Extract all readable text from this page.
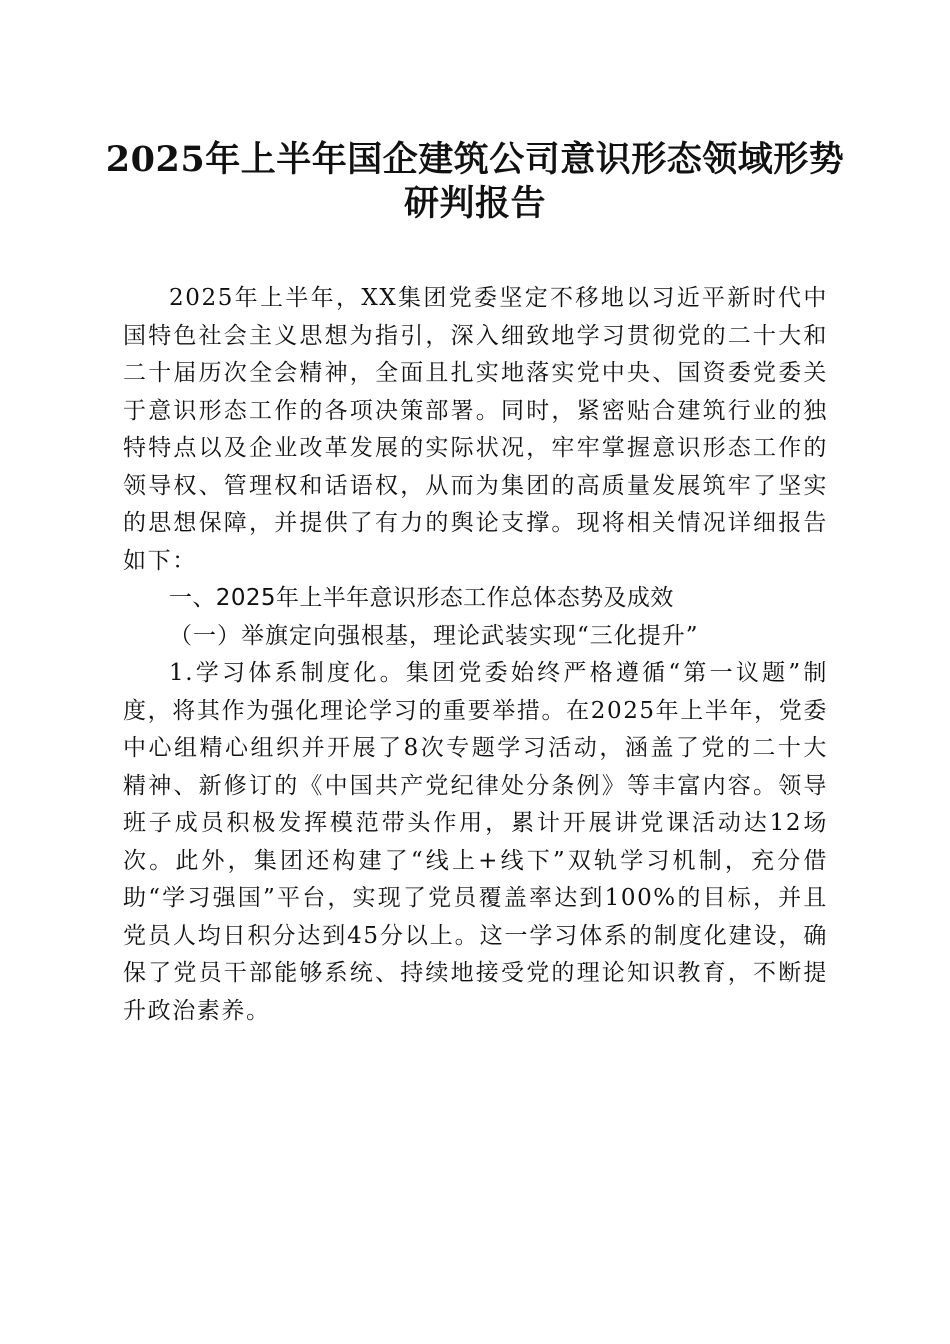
2025年上半年国企建筑公司意识形态领域形势研判报告

2025年上半年，XX集团党委坚定不移地以习近平新时代中国特色社会主义思想为指引，深入细致地学习贯彻党的二十大和二十届历次全会精神，全面且扎实地落实党中央、国资委党委关于意识形态工作的各项决策部署。同时，紧密贴合建筑行业的独特特点以及企业改革发展的实际状况，牢牢掌握意识形态工作的领导权、管理权和话语权，从而为集团的高质量发展筑牢了坚实的思想保障，并提供了有力的舆论支撑。现将相关情况详细报告如下：

一、2025年上半年意识形态工作总体态势及成效

（一）举旗定向强根基，理论武装实现“三化提升”

1.学习体系制度化。集团党委始终严格遵循“第一议题”制度，将其作为强化理论学习的重要举措。在2025年上半年，党委中心组精心组织并开展了8次专题学习活动，涵盖了党的二十大精神、新修订的《中国共产党纪律处分条例》等丰富内容。领导班子成员积极发挥模范带头作用，累计开展讲党课活动达12场次。此外，集团还构建了“线上+线下”双轨学习机制，充分借助“学习强国”平台，实现了党员覆盖率达到100%的目标，并且党员人均日积分达到45分以上。这一学习体系的制度化建设，确保了党员干部能够系统、持续地接受党的理论知识教育，不断提升政治素养。
